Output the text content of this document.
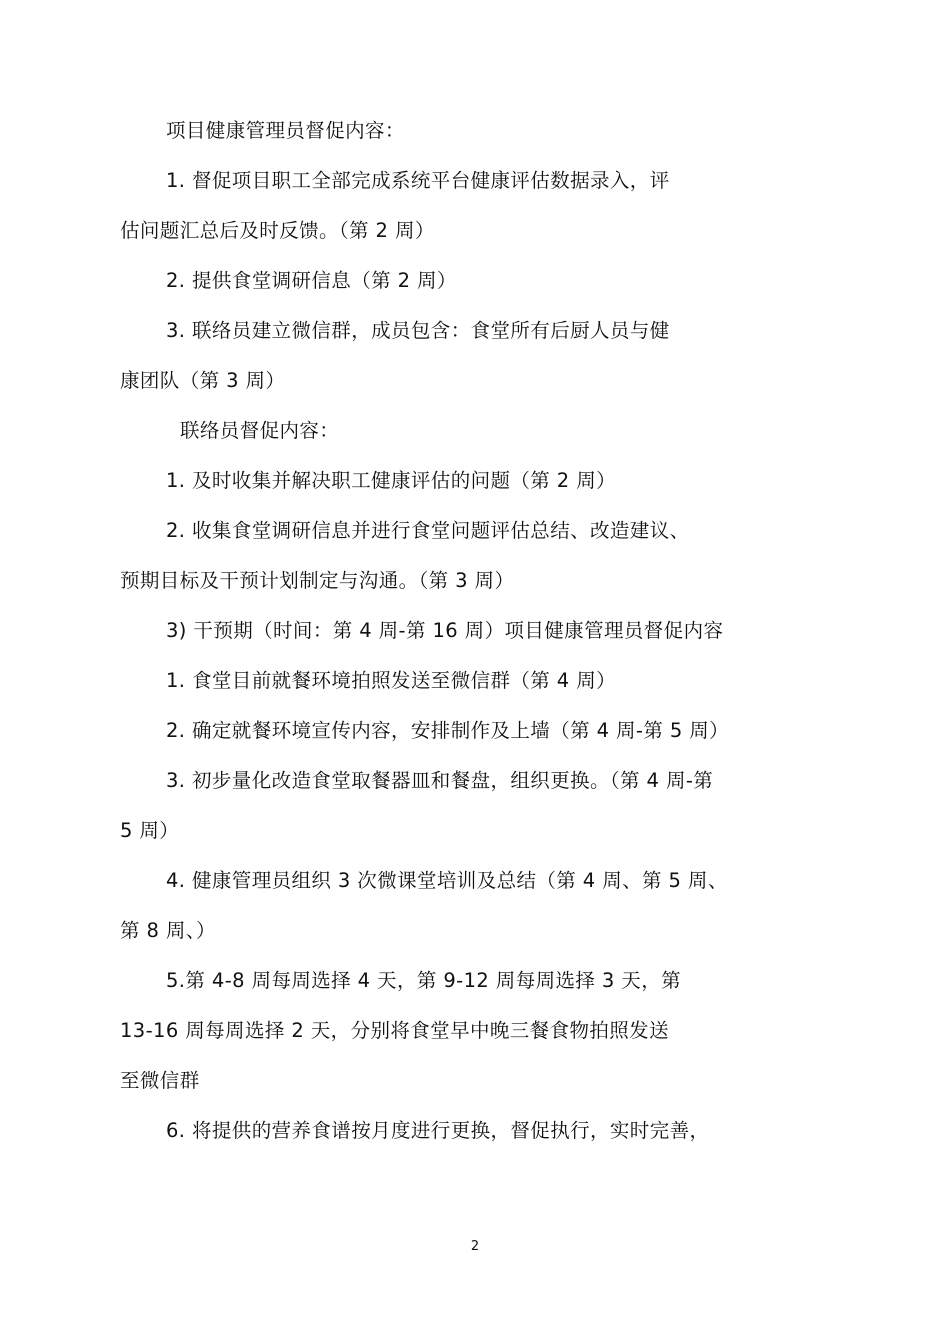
项目健康管理员督促内容：
1. 督促项目职工全部完成系统平台健康评估数据录入，评
估问题汇总后及时反馈。（第 2 周）
2. 提供食堂调研信息（第 2 周）
3. 联络员建立微信群，成员包含：食堂所有后厨人员与健
康团队（第 3 周）
联络员督促内容：
1. 及时收集并解决职工健康评估的问题（第 2 周）
2. 收集食堂调研信息并进行食堂问题评估总结、改造建议、
预期目标及干预计划制定与沟通。（第 3 周）
3) 干预期（时间：第 4 周-第 16 周）项目健康管理员督促内容
1. 食堂目前就餐环境拍照发送至微信群（第 4 周）
2. 确定就餐环境宣传内容，安排制作及上墙（第 4 周-第 5 周）
3. 初步量化改造食堂取餐器皿和餐盘，组织更换。（第 4 周-第
5 周）
4. 健康管理员组织 3 次微课堂培训及总结（第 4 周、第 5 周、
第 8 周、）
5.第 4-8 周每周选择 4 天，第 9-12 周每周选择 3 天，第
13-16 周每周选择 2 天，分别将食堂早中晚三餐食物拍照发送
至微信群
6. 将提供的营养食谱按月度进行更换，督促执行，实时完善，
2
